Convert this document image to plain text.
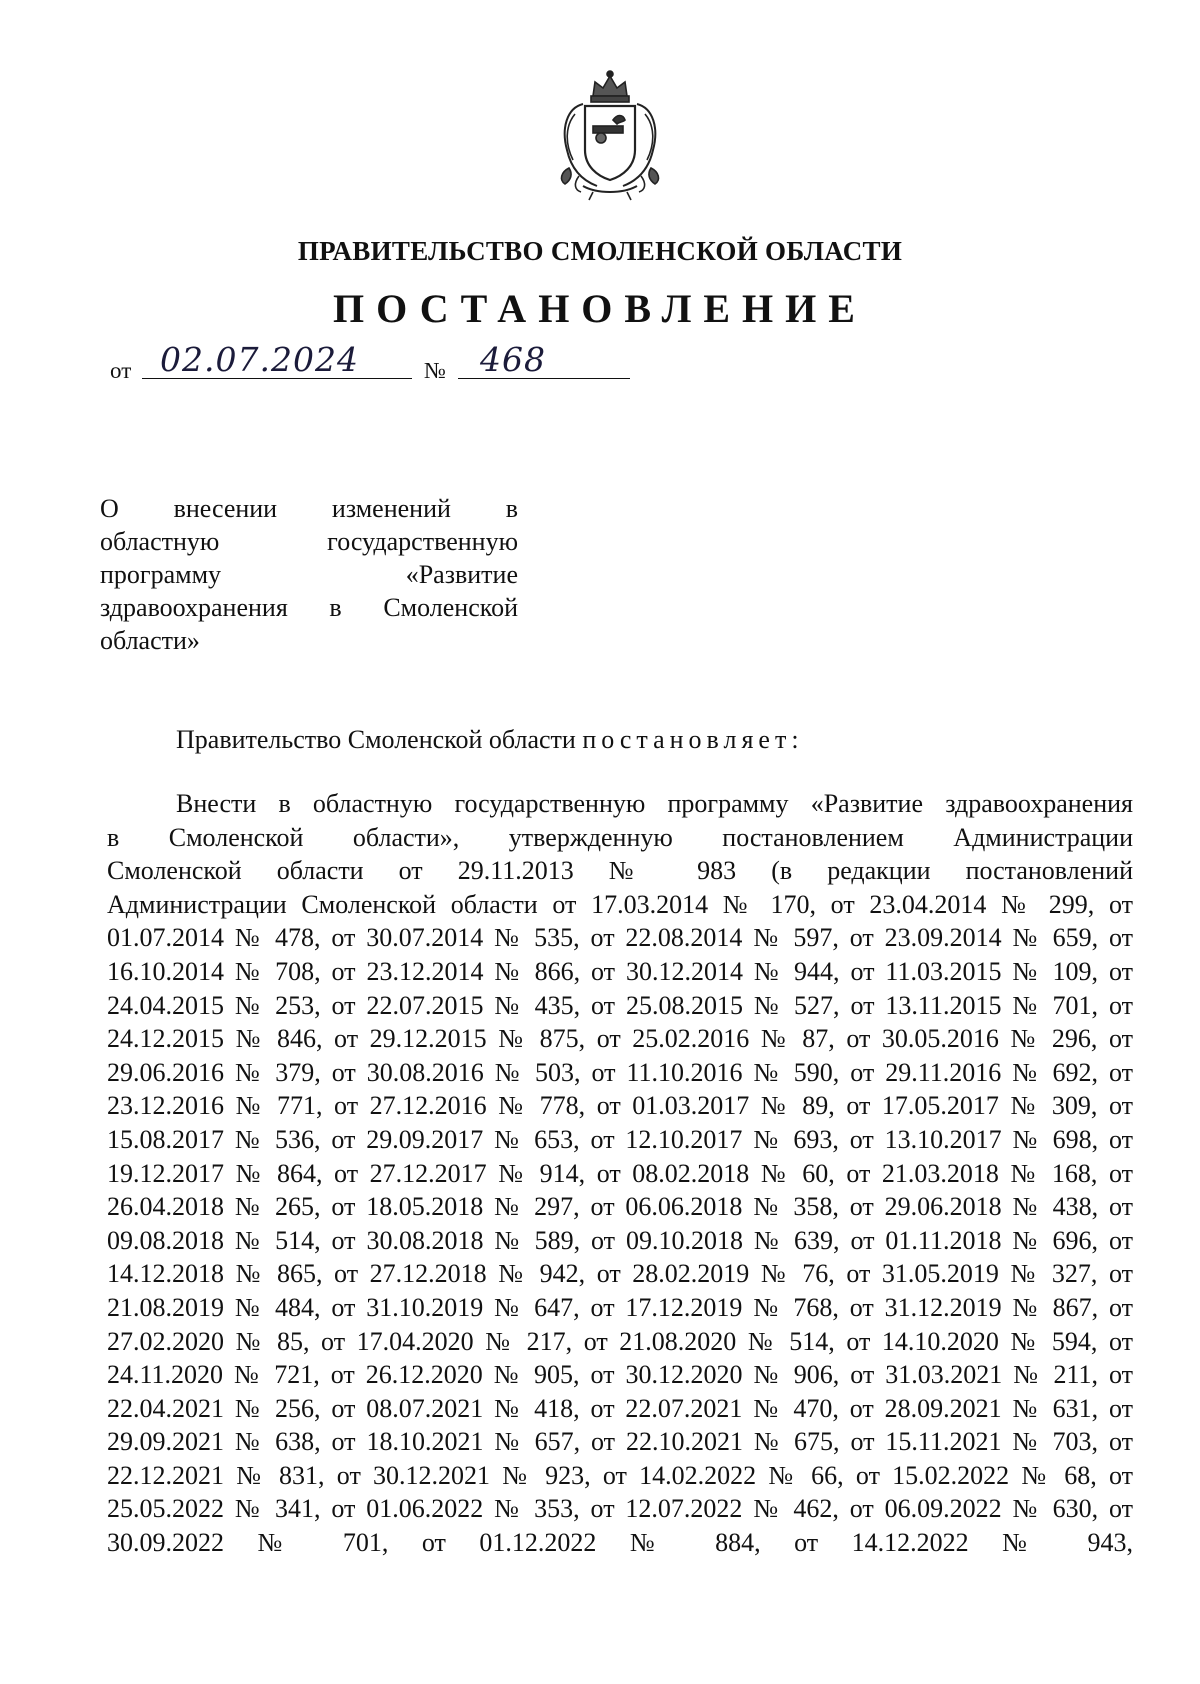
ПРАВИТЕЛЬСТВО СМОЛЕНСКОЙ ОБЛАСТИ
ПОСТАНОВЛЕНИЕ
от 02.07.2024	№ 468
О внесении изменений в
областную государственную
программу «Развитие
здравоохранения в Смоленской
области»
Правительство Смоленской области постановляет:
Внести в областную государственную программу «Развитие здравоохранения
в Смоленской области», утвержденную постановлением Администрации
Смоленской области от 29.11.2013 № 983 (в редакции постановлений
Администрации Смоленской области от 17.03.2014 № 170, от 23.04.2014 № 299, от
01.07.2014 № 478, от 30.07.2014 № 535, от 22.08.2014 № 597, от 23.09.2014 № 659, от
16.10.2014 № 708, от 23.12.2014 № 866, от 30.12.2014 № 944, от 11.03.2015 № 109, от
24.04.2015 № 253, от 22.07.2015 № 435, от 25.08.2015 № 527, от 13.11.2015 № 701, от
24.12.2015 № 846, от 29.12.2015 № 875, от 25.02.2016 № 87, от 30.05.2016 № 296, от
29.06.2016 № 379, от 30.08.2016 № 503, от 11.10.2016 № 590, от 29.11.2016 № 692, от
23.12.2016 № 771, от 27.12.2016 № 778, от 01.03.2017 № 89, от 17.05.2017 № 309, от
15.08.2017 № 536, от 29.09.2017 № 653, от 12.10.2017 № 693, от 13.10.2017 № 698, от
19.12.2017 № 864, от 27.12.2017 № 914, от 08.02.2018 № 60, от 21.03.2018 № 168, от
26.04.2018 № 265, от 18.05.2018 № 297, от 06.06.2018 № 358, от 29.06.2018 № 438, от
09.08.2018 № 514, от 30.08.2018 № 589, от 09.10.2018 № 639, от 01.11.2018 № 696, от
14.12.2018 № 865, от 27.12.2018 № 942, от 28.02.2019 № 76, от 31.05.2019 № 327, от
21.08.2019 № 484, от 31.10.2019 № 647, от 17.12.2019 № 768, от 31.12.2019 № 867, от
27.02.2020 № 85, от 17.04.2020 № 217, от 21.08.2020 № 514, от 14.10.2020 № 594, от
24.11.2020 № 721, от 26.12.2020 № 905, от 30.12.2020 № 906, от 31.03.2021 № 211, от
22.04.2021 № 256, от 08.07.2021 № 418, от 22.07.2021 № 470, от 28.09.2021 № 631, от
29.09.2021 № 638, от 18.10.2021 № 657, от 22.10.2021 № 675, от 15.11.2021 № 703, от
22.12.2021 № 831, от 30.12.2021 № 923, от 14.02.2022 № 66, от 15.02.2022 № 68, от
25.05.2022 № 341, от 01.06.2022 № 353, от 12.07.2022 № 462, от 06.09.2022 № 630, от
30.09.2022 № 701, от 01.12.2022 № 884, от 14.12.2022 № 943,
